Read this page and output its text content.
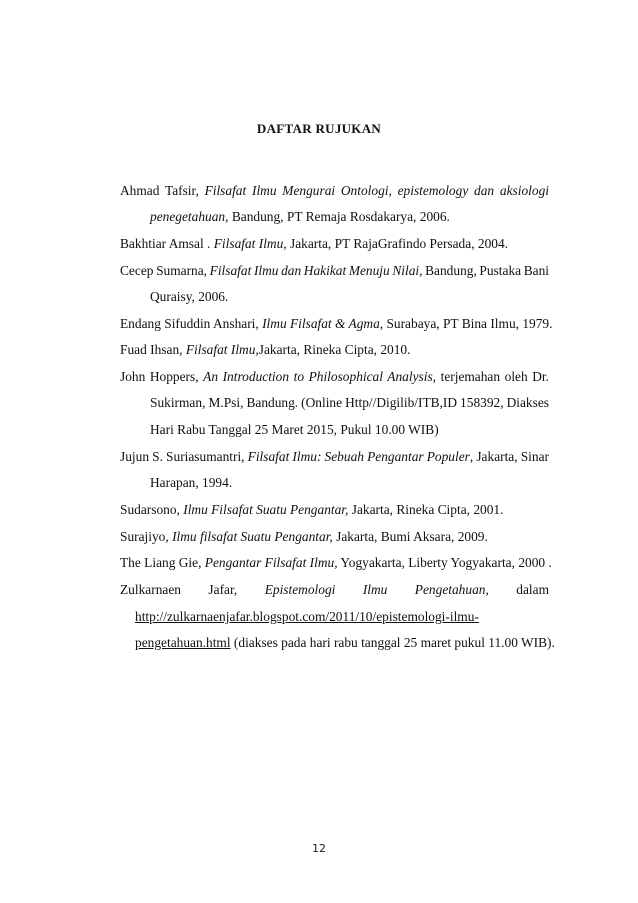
DAFTAR RUJUKAN
Ahmad Tafsir, Filsafat Ilmu Mengurai Ontologi, epistemology dan aksiologi
penegetahuan, Bandung, PT Remaja Rosdakarya, 2006.
Bakhtiar Amsal . Filsafat Ilmu, Jakarta, PT RajaGrafindo Persada, 2004.
Cecep Sumarna, Filsafat Ilmu dan Hakikat Menuju Nilai, Bandung, Pustaka Bani
Quraisy, 2006.
Endang Sifuddin Anshari, Ilmu Filsafat & Agma, Surabaya, PT Bina Ilmu, 1979.
Fuad Ihsan, Filsafat Ilmu,Jakarta, Rineka Cipta, 2010.
John Hoppers, An Introduction to Philosophical Analysis, terjemahan oleh Dr.
Sukirman, M.Psi, Bandung. (Online Http//Digilib/ITB,ID 158392, Diakses
Hari Rabu Tanggal 25 Maret 2015, Pukul 10.00 WIB)
Jujun S. Suriasumantri, Filsafat Ilmu: Sebuah Pengantar Populer, Jakarta, Sinar
Harapan, 1994.
Sudarsono, Ilmu Filsafat Suatu Pengantar, Jakarta, Rineka Cipta, 2001.
Surajiyo, Ilmu filsafat Suatu Pengantar, Jakarta, Bumi Aksara, 2009.
The Liang Gie, Pengantar Filsafat Ilmu, Yogyakarta, Liberty Yogyakarta, 2000 .
Zulkarnaen Jafar, Epistemologi Ilmu Pengetahuan, dalam
http://zulkarnaenjafar.blogspot.com/2011/10/epistemologi-ilmu-
pengetahuan.html (diakses pada hari rabu tanggal 25 maret pukul 11.00 WIB).
12
